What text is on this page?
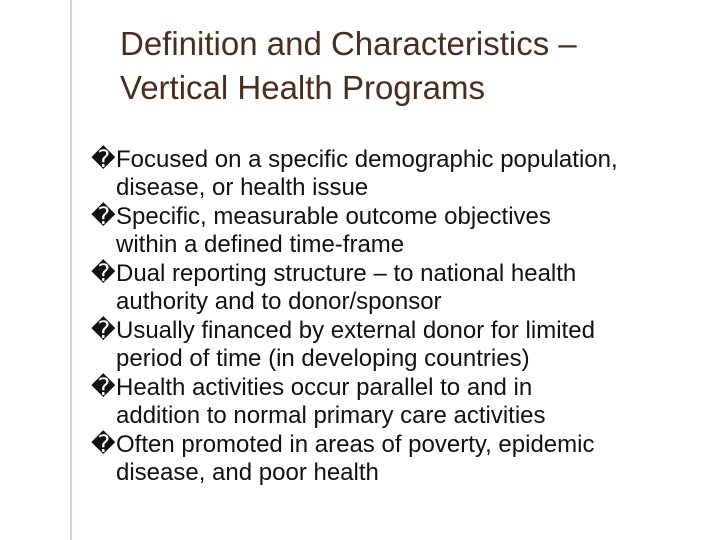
Definition and Characteristics –
Vertical Health Programs
� Focused on a specific demographic population,
disease, or health issue
� Specific, measurable outcome objectives
within a defined time-frame
� Dual reporting structure – to national health
authority and to donor/sponsor
� Usually financed by external donor for limited
period of time (in developing countries)
� Health activities occur parallel to and in
addition to normal primary care activities
� Often promoted in areas of poverty, epidemic
disease, and poor health
